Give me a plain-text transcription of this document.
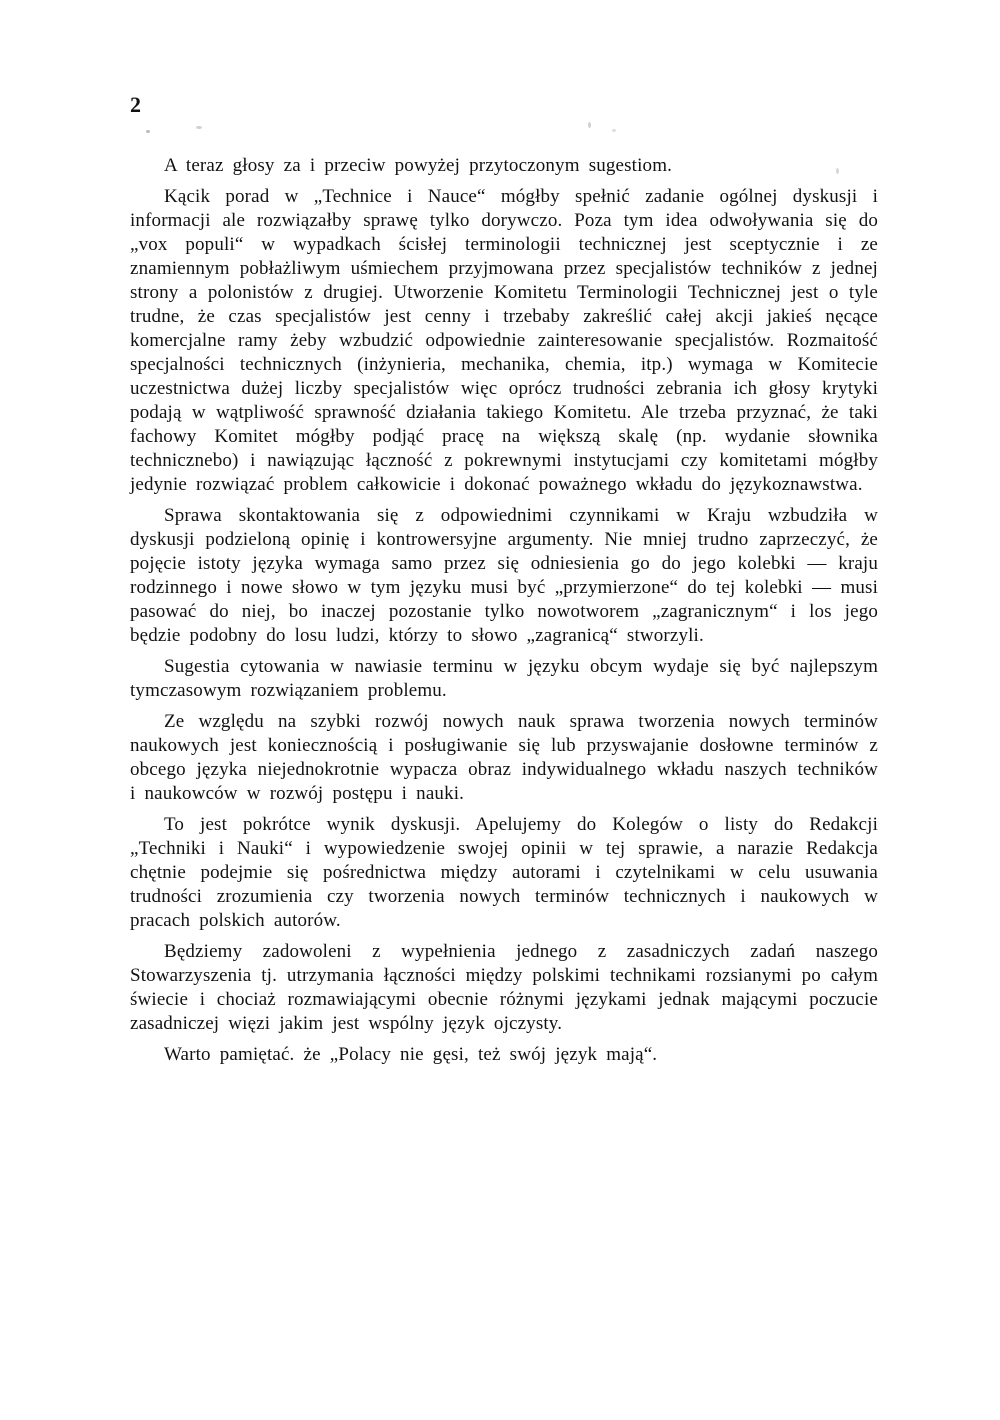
2

A teraz głosy za i przeciw powyżej przytoczonym sugestiom.

Kącik porad w „Technice i Nauce“ mógłby spełnić zadanie ogólnej dyskusji i informacji ale rozwiązałby sprawę tylko dorywczo. Poza tym idea odwoływania się do „vox populi“ w wypadkach ścisłej terminologii technicznej jest sceptycznie i ze znamiennym pobłażliwym uśmiechem przyjmowana przez specjalistów techników z jednej strony a polonistów z drugiej. Utworzenie Komitetu Terminologii Technicznej jest o tyle trudne, że czas specjalistów jest cenny i trzebaby zakreślić całej akcji jakieś nęcące komercjalne ramy żeby wzbudzić odpowiednie zainteresowanie specjalistów. Rozmaitość specjalności technicznych (inżynieria, mechanika, chemia, itp.) wymaga w Komitecie uczestnictwa dużej liczby specjalistów więc oprócz trudności zebrania ich głosy krytyki podają w wątpliwość sprawność działania takiego Komitetu. Ale trzeba przyznać, że taki fachowy Komitet mógłby podjąć pracę na większą skalę (np. wydanie słownika technicznebo) i nawiązując łączność z pokrewnymi instytucjami czy komitetami mógłby jedynie rozwiązać problem całkowicie i dokonać poważnego wkładu do językoznawstwa.

Sprawa skontaktowania się z odpowiednimi czynnikami w Kraju wzbudziła w dyskusji podzieloną opinię i kontrowersyjne argumenty. Nie mniej trudno zaprzeczyć, że pojęcie istoty języka wymaga samo przez się odniesienia go do jego kolebki — kraju rodzinnego i nowe słowo w tym języku musi być „przymierzone“ do tej kolebki — musi pasować do niej, bo inaczej pozostanie tylko nowotworem „zagranicznym“ i los jego będzie podobny do losu ludzi, którzy to słowo „zagranicą“ stworzyli.

Sugestia cytowania w nawiasie terminu w języku obcym wydaje się być najlepszym tymczasowym rozwiązaniem problemu.

Ze względu na szybki rozwój nowych nauk sprawa tworzenia nowych terminów naukowych jest koniecznością i posługiwanie się lub przyswajanie dosłowne terminów z obcego języka niejednokrotnie wypacza obraz indywidualnego wkładu naszych techników i naukowców w rozwój postępu i nauki.

To jest pokrótce wynik dyskusji. Apelujemy do Kolegów o listy do Redakcji „Techniki i Nauki“ i wypowiedzenie swojej opinii w tej sprawie, a narazie Redakcja chętnie podejmie się pośrednictwa między autorami i czytelnikami w celu usuwania trudności zrozumienia czy tworzenia nowych terminów technicznych i naukowych w pracach polskich autorów.

Będziemy zadowoleni z wypełnienia jednego z zasadniczych zadań naszego Stowarzyszenia tj. utrzymania łączności między polskimi technikami rozsianymi po całym świecie i chociaż rozmawiającymi obecnie różnymi językami jednak mającymi poczucie zasadniczej więzi jakim jest wspólny język ojczysty.

Warto pamiętać. że „Polacy nie gęsi, też swój język mają“.
